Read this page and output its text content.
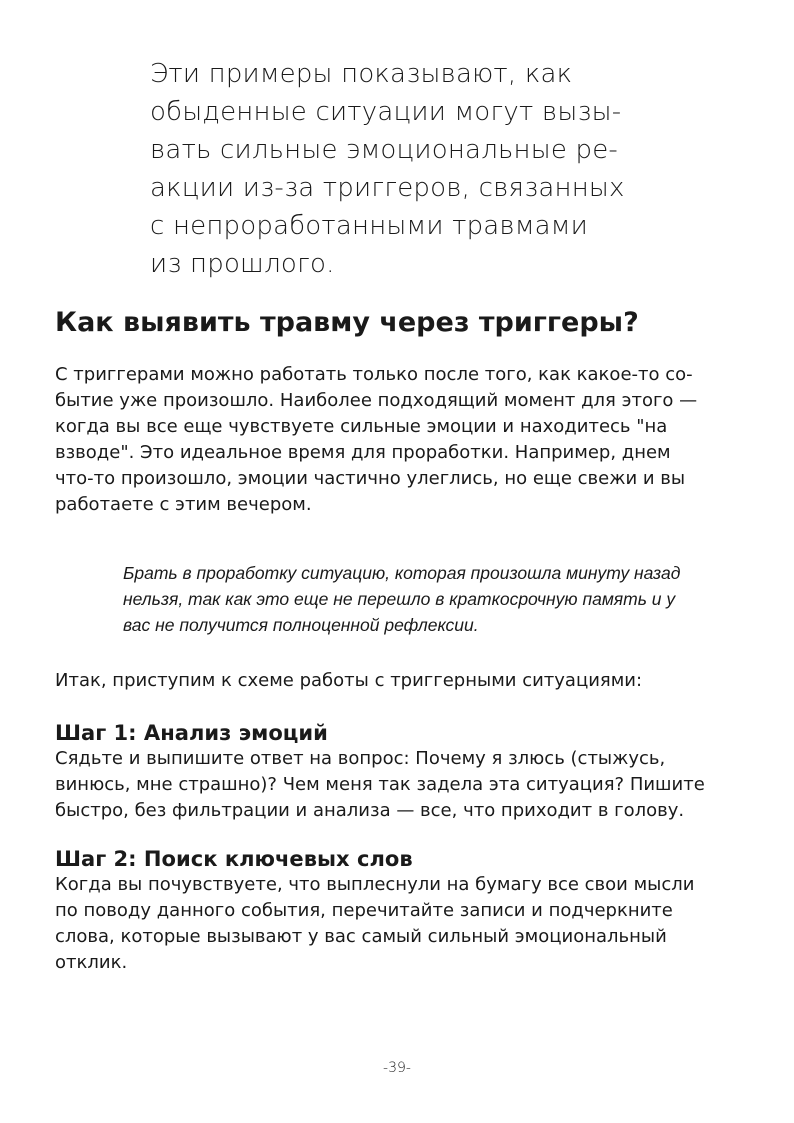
Эти примеры показывают, как
обыденные ситуации могут вызы-
вать сильные эмоциональные ре-
акции из-за триггеров, связанных
с непроработанными травмами
из прошлого.

Как выявить травму через триггеры?

С триггерами можно работать только после того, как какое-то со-
бытие уже произошло. Наиболее подходящий момент для этого —
когда вы все еще чувствуете сильные эмоции и находитесь "на
взводе". Это идеальное время для проработки. Например, днем
что-то произошло, эмоции частично улеглись, но еще свежи и вы
работаете с этим вечером.

Брать в проработку ситуацию, которая произошла минуту назад
нельзя, так как это еще не перешло в краткосрочную память и у
вас не получится полноценной рефлексии.

Итак, приступим к схеме работы с триггерными ситуациями:

Шаг 1: Анализ эмоций

Сядьте и выпишите ответ на вопрос: Почему я злюсь (стыжусь,
винюсь, мне страшно)? Чем меня так задела эта ситуация? Пишите
быстро, без фильтрации и анализа — все, что приходит в голову.

Шаг 2: Поиск ключевых слов

Когда вы почувствуете, что выплеснули на бумагу все свои мысли
по поводу данного события, перечитайте записи и подчеркните
слова, которые вызывают у вас самый сильный эмоциональный
отклик.

-39-
